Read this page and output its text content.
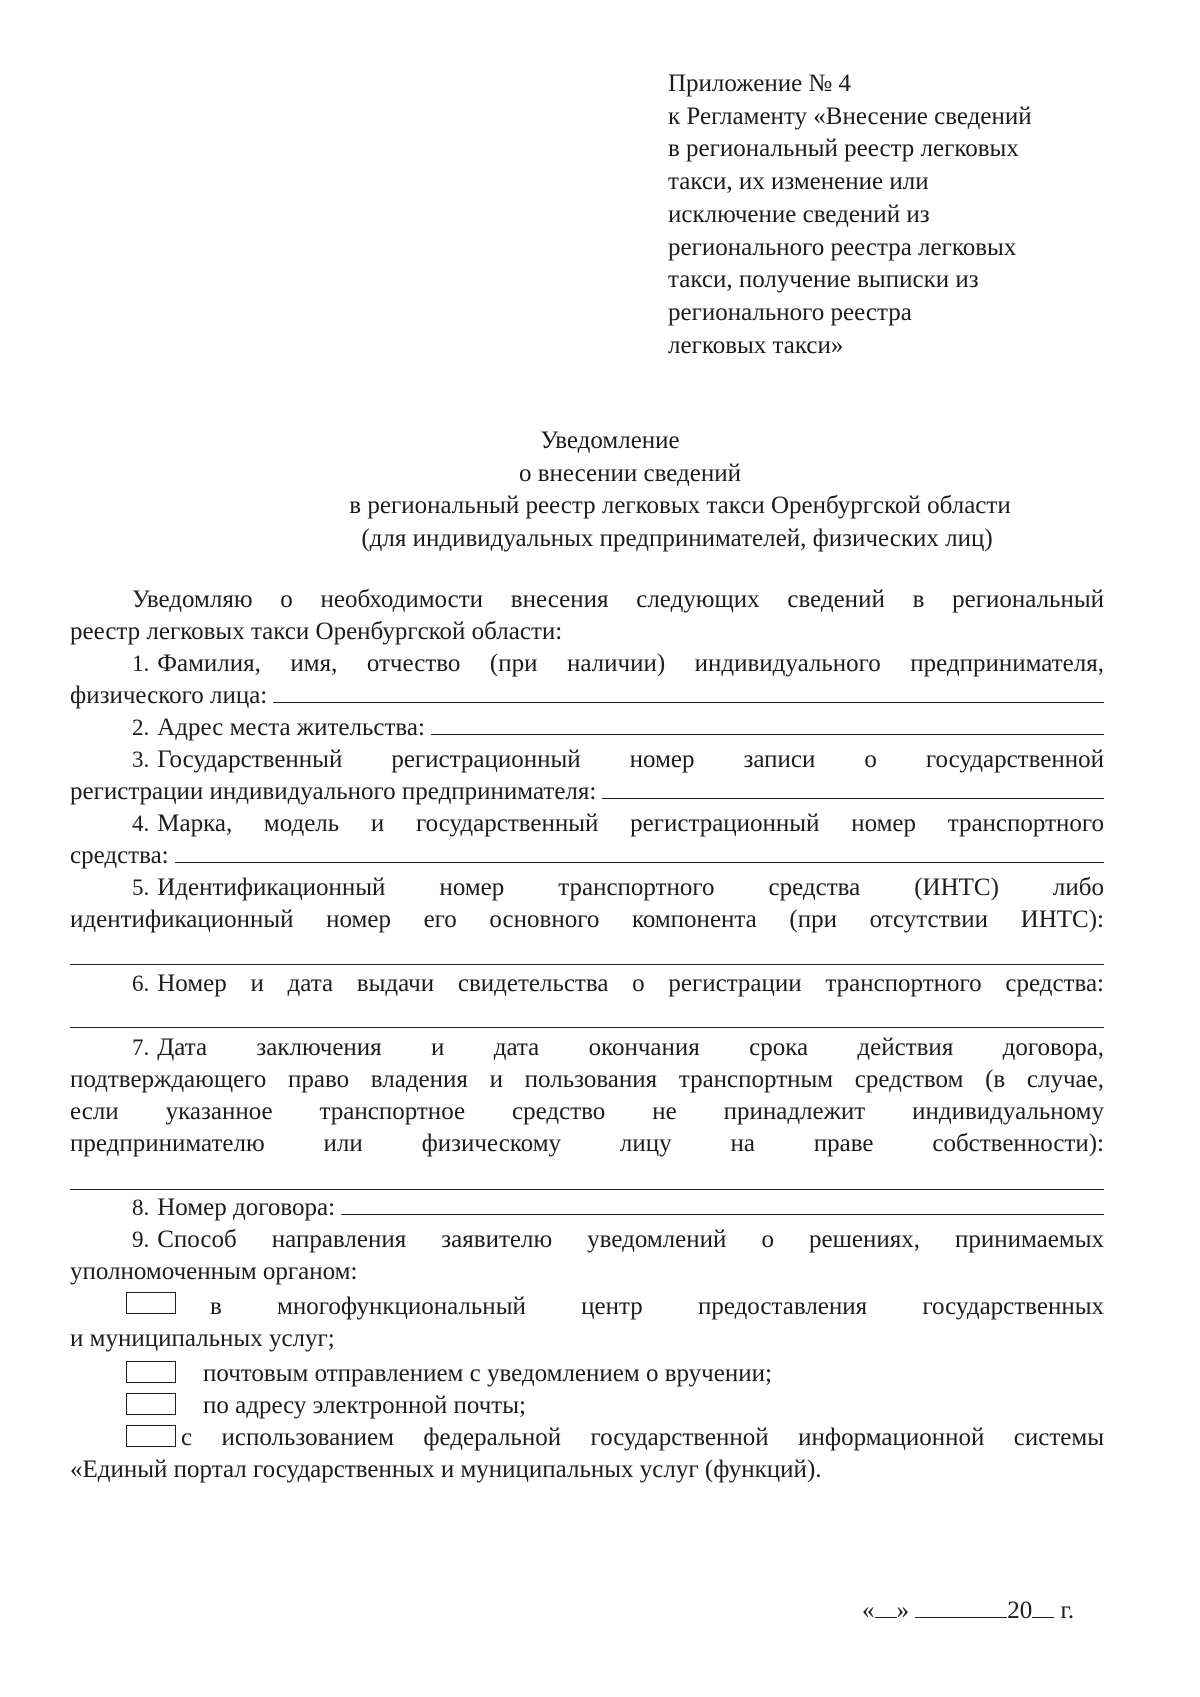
Приложение № 4
к Регламенту «Внесение сведений
в региональный реестр легковых
такси, их изменение или
исключение сведений из
регионального реестра легковых
такси, получение выписки из
регионального реестра
легковых такси»
Уведомление
о внесении сведений
в региональный реестр легковых такси Оренбургской области
(для индивидуальных предпринимателей, физических лиц)
Уведомляю о необходимости внесения следующих сведений в региональный
реестр легковых такси Оренбургской области:
1. Фамилия, имя, отчество (при наличии) индивидуального предпринимателя,
физического лица:
2. Адрес места жительства:
3. Государственный регистрационный номер записи о государственной
регистрации индивидуального предпринимателя:
4. Марка, модель и государственный регистрационный номер транспортного
средства:
5. Идентификационный номер транспортного средства (ИНТС) либо
идентификационный номер его основного компонента (при отсутствии ИНТС):
6. Номер и дата выдачи свидетельства о регистрации транспортного средства:
7. Дата заключения и дата окончания срока действия договора,
подтверждающего право владения и пользования транспортным средством (в случае,
если указанное транспортное средство не принадлежит индивидуальному
предпринимателю или физическому лицу на праве собственности):
8. Номер договора:
9. Способ направления заявителю уведомлений о решениях, принимаемых
уполномоченным органом:
в многофункциональный центр предоставления государственных
и муниципальных услуг;
почтовым отправлением с уведомлением о вручении;
по адресу электронной почты;
с использованием федеральной государственной информационной системы
«Единый портал государственных и муниципальных услуг (функций).
« »	20 г.
